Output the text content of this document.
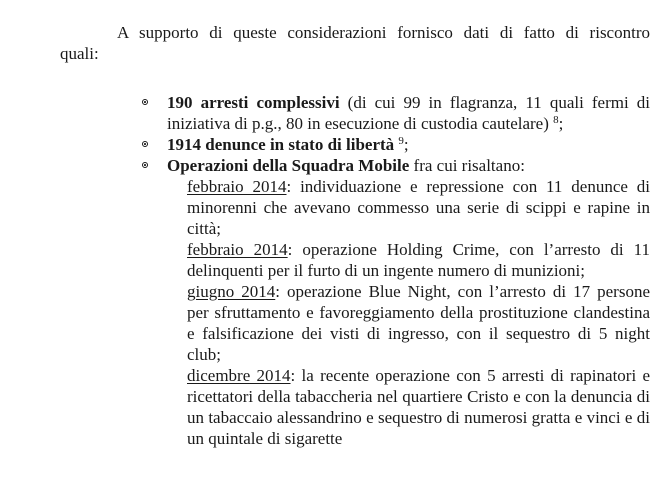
A supporto di queste considerazioni fornisco dati di fatto di riscontro
quali:

190 arresti complessivi (di cui 99 in flagranza, 11 quali fermi di iniziativa di p.g., 80 in esecuzione di custodia cautelare) $^8$;
1914 denunce in stato di libertà $^9$;
Operazioni della Squadra Mobile fra cui risaltano:
febbraio 2014: individuazione e repressione con 11 denunce di minorenni che avevano commesso una serie di scippi e rapine in città;
febbraio 2014: operazione Holding Crime, con l’arresto di 11 delinquenti per il furto di un ingente numero di munizioni;
giugno 2014: operazione Blue Night, con l’arresto di 17 persone per sfruttamento e favoreggiamento della prostituzione clandestina e falsificazione dei visti di ingresso, con il sequestro di 5 night club;
dicembre 2014: la recente operazione con 5 arresti di rapinatori e ricettatori della tabaccheria nel quartiere Cristo e con la denuncia di un tabaccaio alessandrino e sequestro di numerosi gratta e vinci e di un quintale di sigarette
